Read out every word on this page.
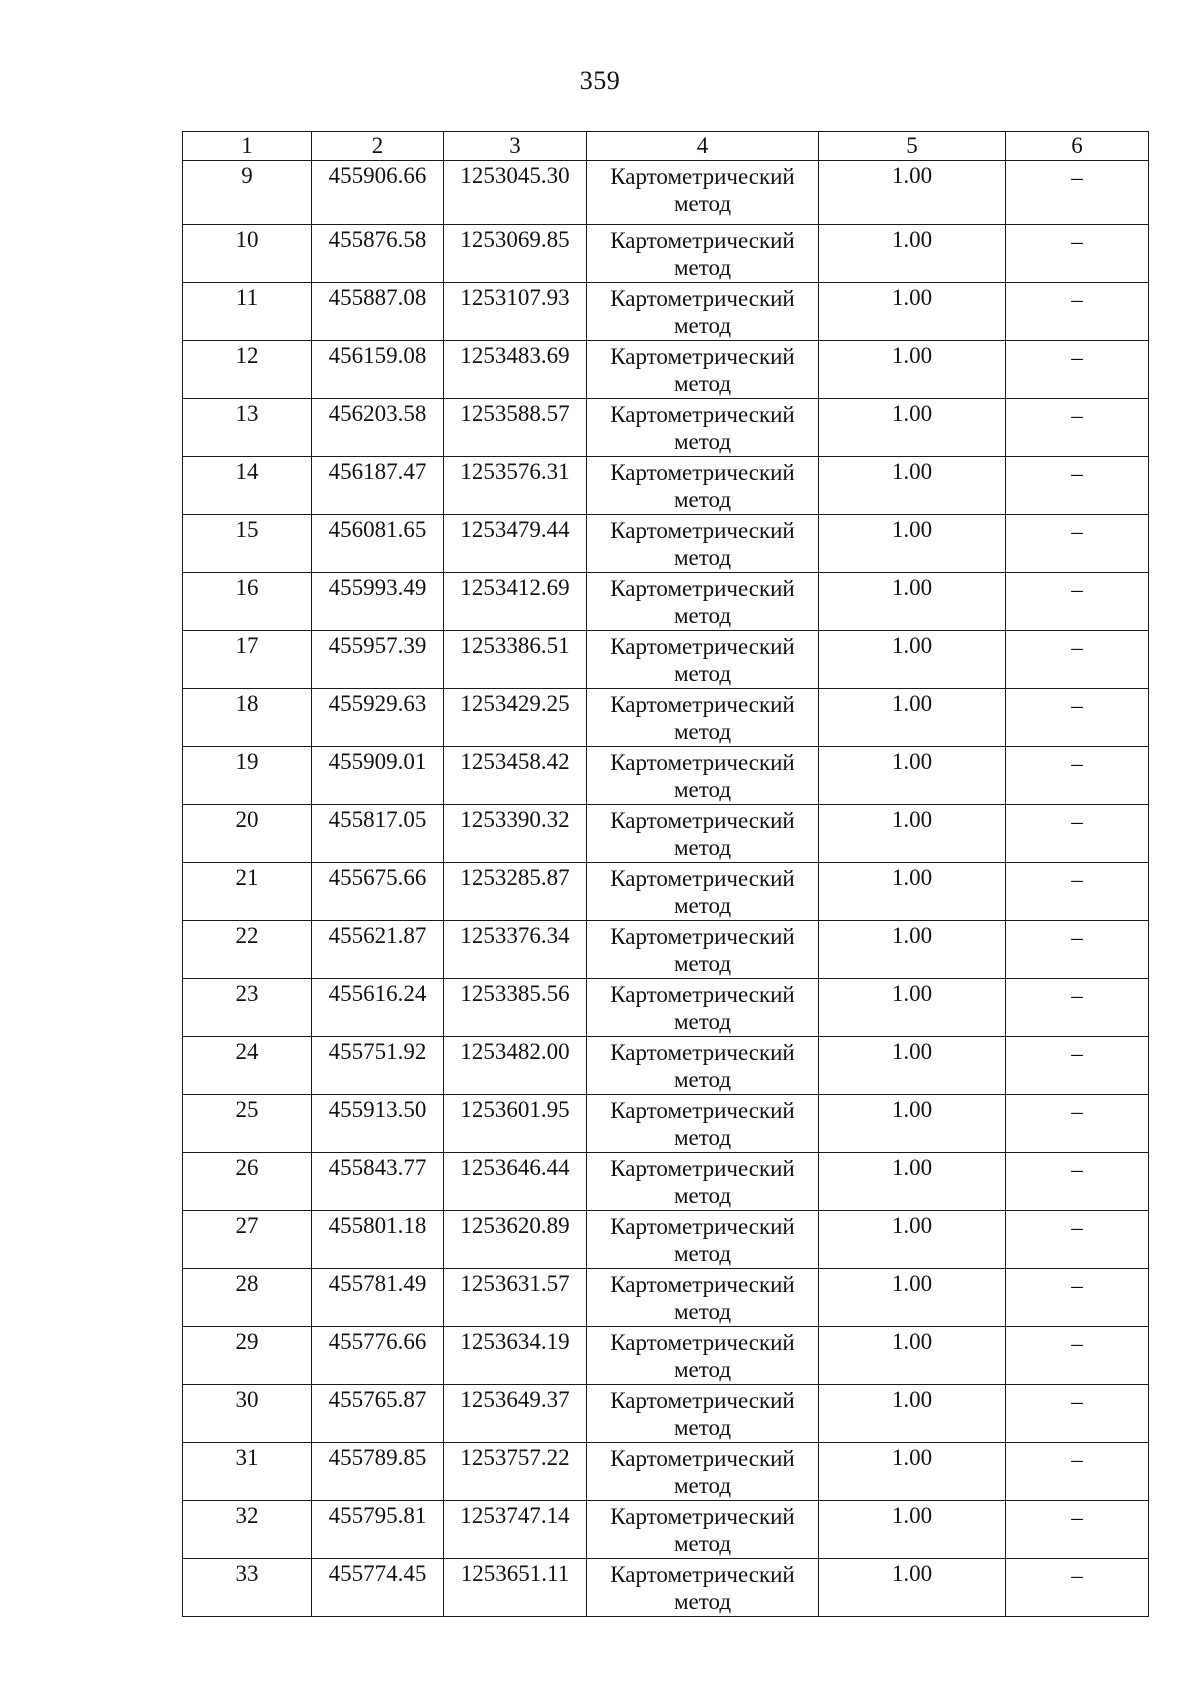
359
1	2	3	4	5	6
9	455906.66	1253045.30	Картометрический метод	1.00	–
10	455876.58	1253069.85	Картометрический метод	1.00	–
11	455887.08	1253107.93	Картометрический метод	1.00	–
12	456159.08	1253483.69	Картометрический метод	1.00	–
13	456203.58	1253588.57	Картометрический метод	1.00	–
14	456187.47	1253576.31	Картометрический метод	1.00	–
15	456081.65	1253479.44	Картометрический метод	1.00	–
16	455993.49	1253412.69	Картометрический метод	1.00	–
17	455957.39	1253386.51	Картометрический метод	1.00	–
18	455929.63	1253429.25	Картометрический метод	1.00	–
19	455909.01	1253458.42	Картометрический метод	1.00	–
20	455817.05	1253390.32	Картометрический метод	1.00	–
21	455675.66	1253285.87	Картометрический метод	1.00	–
22	455621.87	1253376.34	Картометрический метод	1.00	–
23	455616.24	1253385.56	Картометрический метод	1.00	–
24	455751.92	1253482.00	Картометрический метод	1.00	–
25	455913.50	1253601.95	Картометрический метод	1.00	–
26	455843.77	1253646.44	Картометрический метод	1.00	–
27	455801.18	1253620.89	Картометрический метод	1.00	–
28	455781.49	1253631.57	Картометрический метод	1.00	–
29	455776.66	1253634.19	Картометрический метод	1.00	–
30	455765.87	1253649.37	Картометрический метод	1.00	–
31	455789.85	1253757.22	Картометрический метод	1.00	–
32	455795.81	1253747.14	Картометрический метод	1.00	–
33	455774.45	1253651.11	Картометрический метод	1.00	–
